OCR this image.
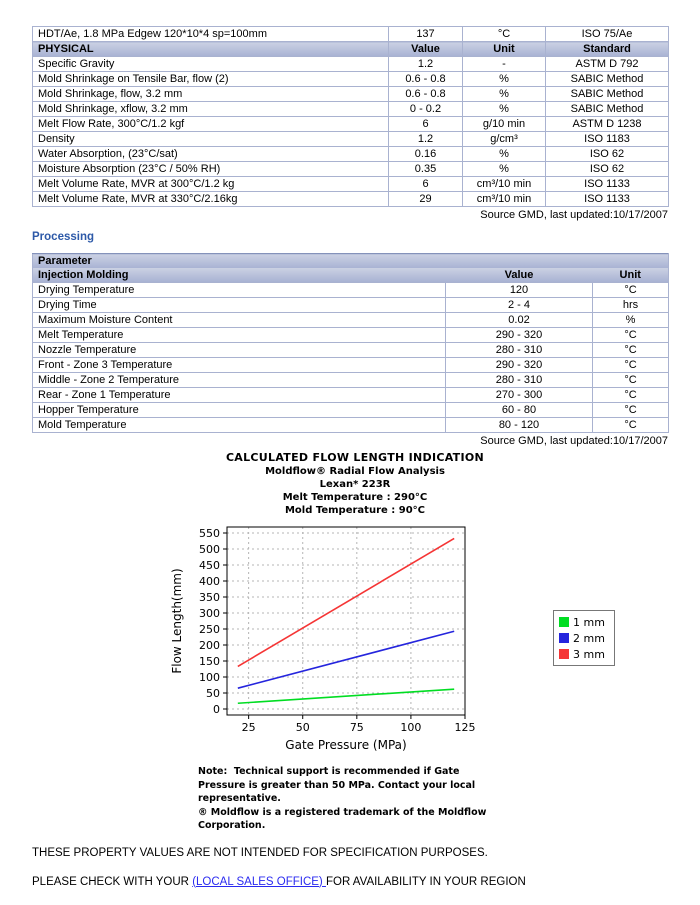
HDT/Ae, 1.8 MPa Edgew 120*10*4 sp=100mm	137	°C	ISO 75/Ae
PHYSICAL	Value	Unit	Standard
Specific Gravity	1.2	-	ASTM D 792
Mold Shrinkage on Tensile Bar, flow (2)	0.6 - 0.8	%	SABIC Method
Mold Shrinkage, flow, 3.2 mm	0.6 - 0.8	%	SABIC Method
Mold Shrinkage, xflow, 3.2 mm	0 - 0.2	%	SABIC Method
Melt Flow Rate, 300°C/1.2 kgf	6	g/10 min	ASTM D 1238
Density	1.2	g/cm³	ISO 1183
Water Absorption, (23°C/sat)	0.16	%	ISO 62
Moisture Absorption (23°C / 50% RH)	0.35	%	ISO 62
Melt Volume Rate, MVR at 300°C/1.2 kg	6	cm³/10 min	ISO 1133
Melt Volume Rate, MVR at 330°C/2.16kg	29	cm³/10 min	ISO 1133
Source GMD, last updated:10/17/2007
Processing
Parameter		
Injection Molding	Value	Unit
Drying Temperature	120	°C
Drying Time	2 - 4	hrs
Maximum Moisture Content	0.02	%
Melt Temperature	290 - 320	°C
Nozzle Temperature	280 - 310	°C
Front - Zone 3 Temperature	290 - 320	°C
Middle - Zone 2 Temperature	280 - 310	°C
Rear - Zone 1 Temperature	270 - 300	°C
Hopper Temperature	60 - 80	°C
Mold Temperature	80 - 120	°C
Source GMD, last updated:10/17/2007
CALCULATED FLOW LENGTH INDICATION
Moldflow® Radial Flow Analysis
Lexan* 223R
Melt Temperature : 290°C
Mold Temperature : 90°C
25	50	75	100	125
0
50
100
150
200
250
300
350
400
450
500
550
Gate Pressure (MPa)
Flow Length(mm)	1 mm
2 mm
3 mm
Note:  Technical support is recommended if Gate
Pressure is greater than 50 MPa. Contact your local
representative.
® Moldflow is a registered trademark of the Moldflow
Corporation.
THESE PROPERTY VALUES ARE NOT INTENDED FOR SPECIFICATION PURPOSES.
PLEASE CHECK WITH YOUR (LOCAL SALES OFFICE) FOR AVAILABILITY IN YOUR REGION
